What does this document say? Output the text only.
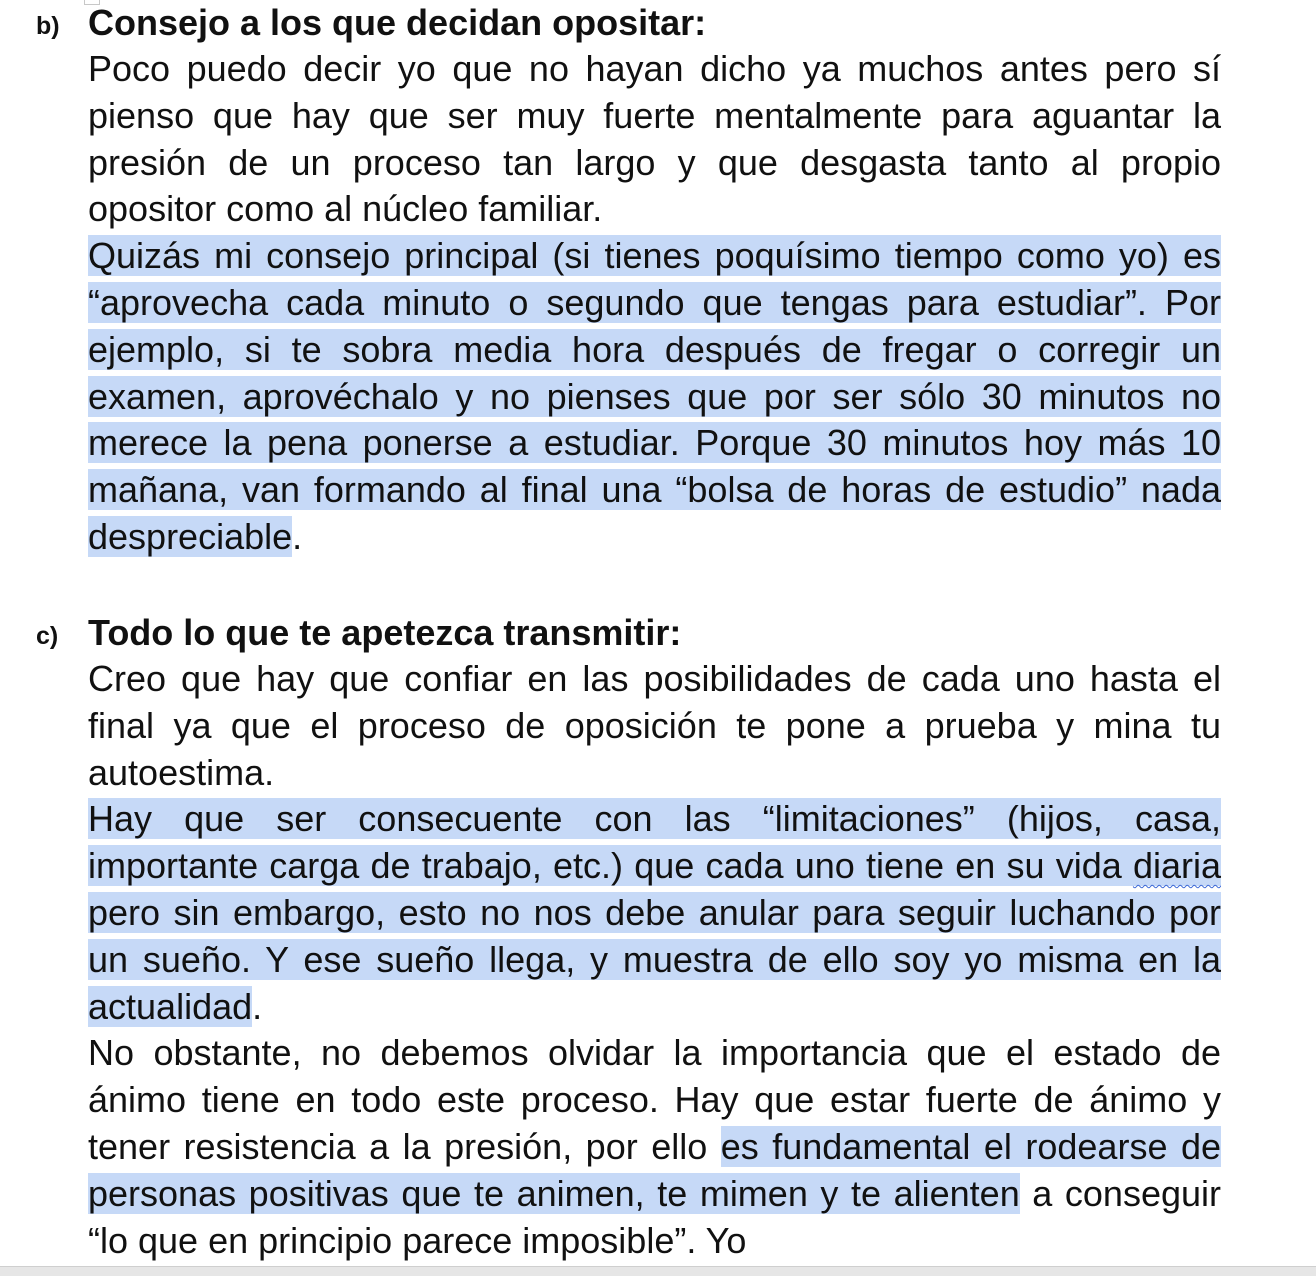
b) Consejo a los que decidan opositar:

Poco puedo decir yo que no hayan dicho ya muchos antes pero sí pienso que hay que ser muy fuerte mentalmente para aguantar la presión de un proceso tan largo y que desgasta tanto al propio opositor como al núcleo familiar.

Quizás mi consejo principal (si tienes poquísimo tiempo como yo) es “aprovecha cada minuto o segundo que tengas para estudiar”. Por ejemplo, si te sobra media hora después de fregar o corregir un examen, aprovéchalo y no pienses que por ser sólo 30 minutos no merece la pena ponerse a estudiar. Porque 30 minutos hoy más 10 mañana, van formando al final una “bolsa de horas de estudio” nada despreciable.

c) Todo lo que te apetezca transmitir:

Creo que hay que confiar en las posibilidades de cada uno hasta el final ya que el proceso de oposición te pone a prueba y mina tu autoestima.

Hay que ser consecuente con las “limitaciones” (hijos, casa, importante carga de trabajo, etc.) que cada uno tiene en su vida diaria pero sin embargo, esto no nos debe anular para seguir luchando por un sueño. Y ese sueño llega, y muestra de ello soy yo misma en la actualidad.

No obstante, no debemos olvidar la importancia que el estado de ánimo tiene en todo este proceso. Hay que estar fuerte de ánimo y tener resistencia a la presión, por ello es fundamental el rodearse de personas positivas que te animen, te mimen y te alienten a conseguir “lo que en principio parece imposible”. Yo
